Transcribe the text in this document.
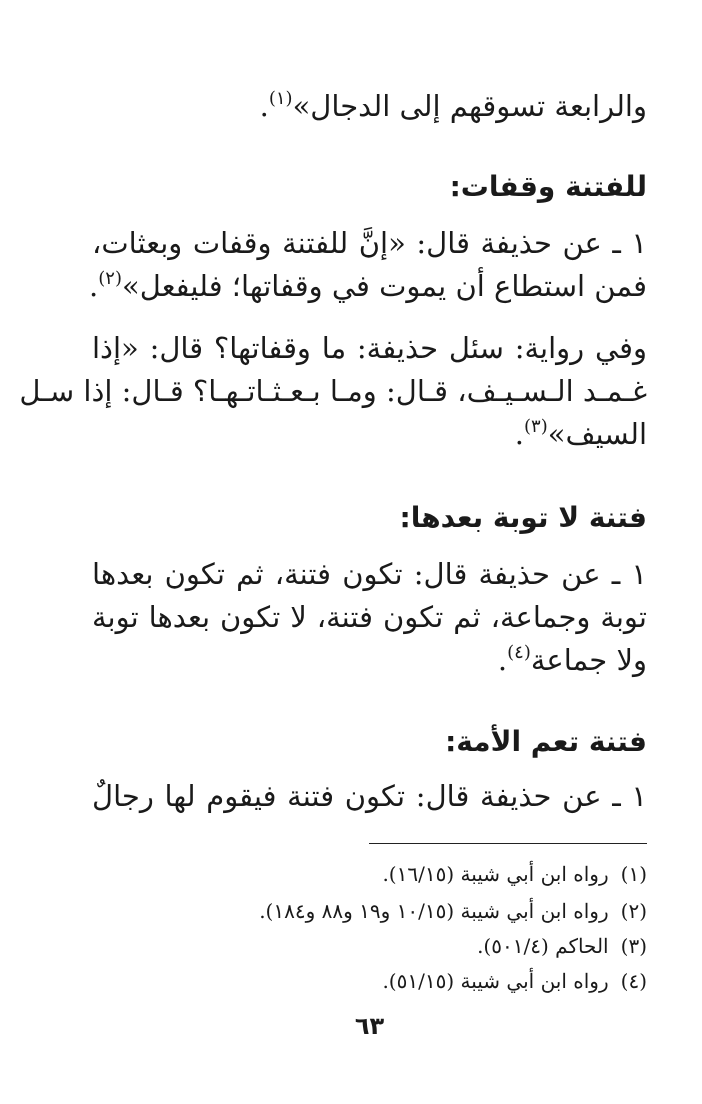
والرابعة تسوقهم إلى الدجال»$^{(١)}$.
للفتنة وقفات:
١ ـ عن حذيفة قال: «إنَّ للفتنة وقفات وبعثات،
فمن استطاع أن يموت في وقفاتها؛ فليفعل»$^{(٢)}$.
وفي رواية: سئل حذيفة: ما وقفاتها؟ قال: «إذا
غـمـد الـسـيـف، قـال: ومـا بـعـثـاتـهـا؟ قـال: إذا سـل
السيف»$^{(٣)}$.
فتنة لا توبة بعدها:
١ ـ عن حذيفة قال: تكون فتنة، ثم تكون بعدها
توبة وجماعة، ثم تكون فتنة، لا تكون بعدها توبة
ولا جماعة$^{(٤)}$.
فتنة تعم الأمة:
١ ـ عن حذيفة قال: تكون فتنة فيقوم لها رجالٌ
(١)رواه ابن أبي شيبة (١٦/١٥).
(٢)رواه ابن أبي شيبة (١٠/١٥ و١٩ و٨٨ و١٨٤).
(٣)الحاكم (٥٠١/٤).
(٤)رواه ابن أبي شيبة (٥١/١٥).
٦٣
